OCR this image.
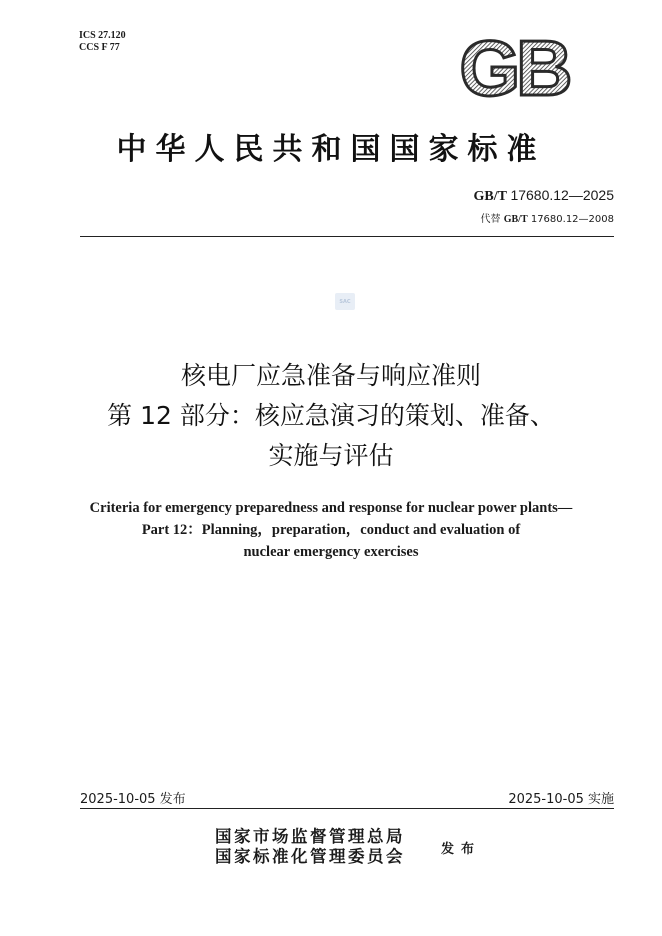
ICS 27.120
CCS F 77	GB
中华人民共和国国家标准
GB/T 17680.12—2025
代替 GB/T 17680.12—2008
SAC
核电厂应急准备与响应准则
第 12 部分：核应急演习的策划、准备、
实施与评估
Criteria for emergency preparedness and response for nuclear power plants—
Part 12：Planning，preparation，conduct and evaluation of
nuclear emergency exercises
2025-10-05 发布	2025-10-05 实施
国家市场监督管理总局
国家标准化管理委员会	发布
